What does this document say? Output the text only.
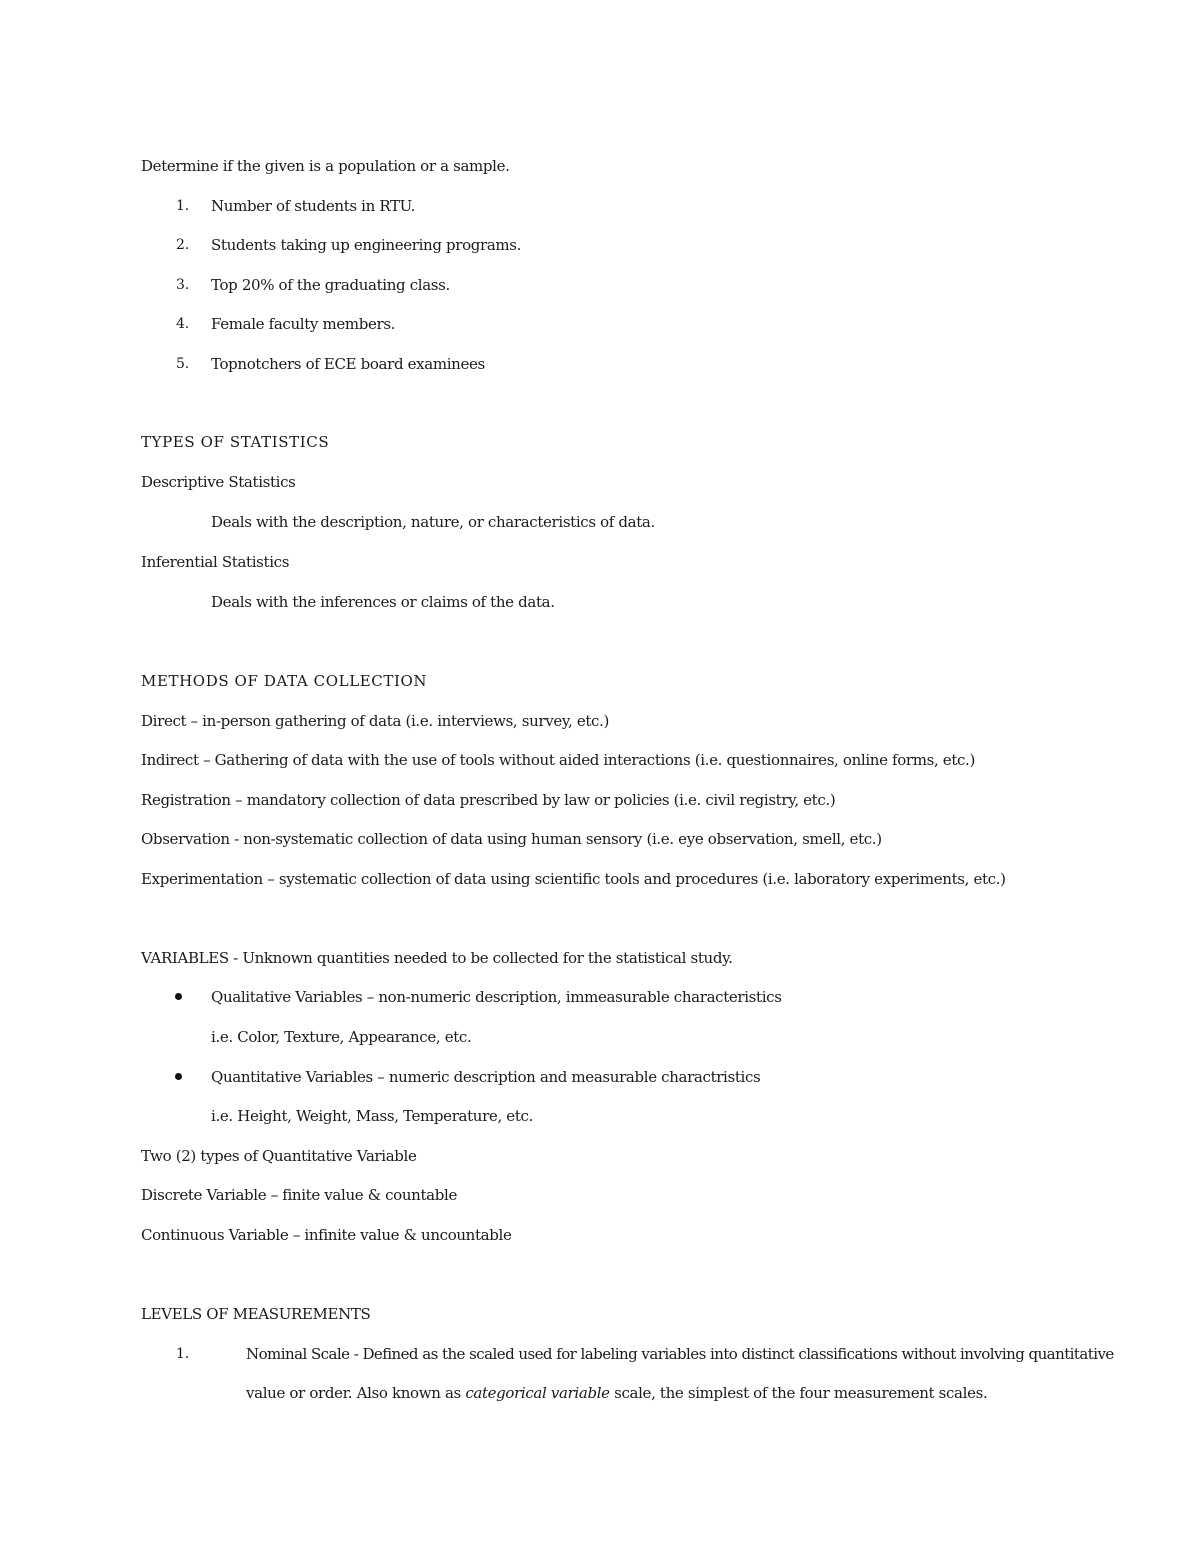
Determine if the given is a population or a sample.
1. Number of students in RTU.
2. Students taking up engineering programs.
3. Top 20% of the graduating class.
4. Female faculty members.
5. Topnotchers of ECE board examinees
TYPES OF STATISTICS
Descriptive Statistics
Deals with the description, nature, or characteristics of data.
Inferential Statistics
Deals with the inferences or claims of the data.
METHODS OF DATA COLLECTION
Direct – in-person gathering of data (i.e. interviews, survey, etc.)
Indirect – Gathering of data with the use of tools without aided interactions (i.e. questionnaires, online forms, etc.)
Registration – mandatory collection of data prescribed by law or policies (i.e. civil registry, etc.)
Observation - non-systematic collection of data using human sensory (i.e. eye observation, smell, etc.)
Experimentation – systematic collection of data using scientific tools and procedures (i.e. laboratory experiments, etc.)
VARIABLES - Unknown quantities needed to be collected for the statistical study.
Qualitative Variables – non-numeric description, immeasurable characteristics
i.e. Color, Texture, Appearance, etc.
Quantitative Variables – numeric description and measurable charactristics
i.e. Height, Weight, Mass, Temperature, etc.
Two (2) types of Quantitative Variable
Discrete Variable – finite value & countable
Continuous Variable – infinite value & uncountable
LEVELS OF MEASUREMENTS
1.	Nominal Scale - Defined as the scaled used for labeling variables into distinct classifications without involving quantitative
value or order. Also known as categorical variable scale, the simplest of the four measurement scales.
